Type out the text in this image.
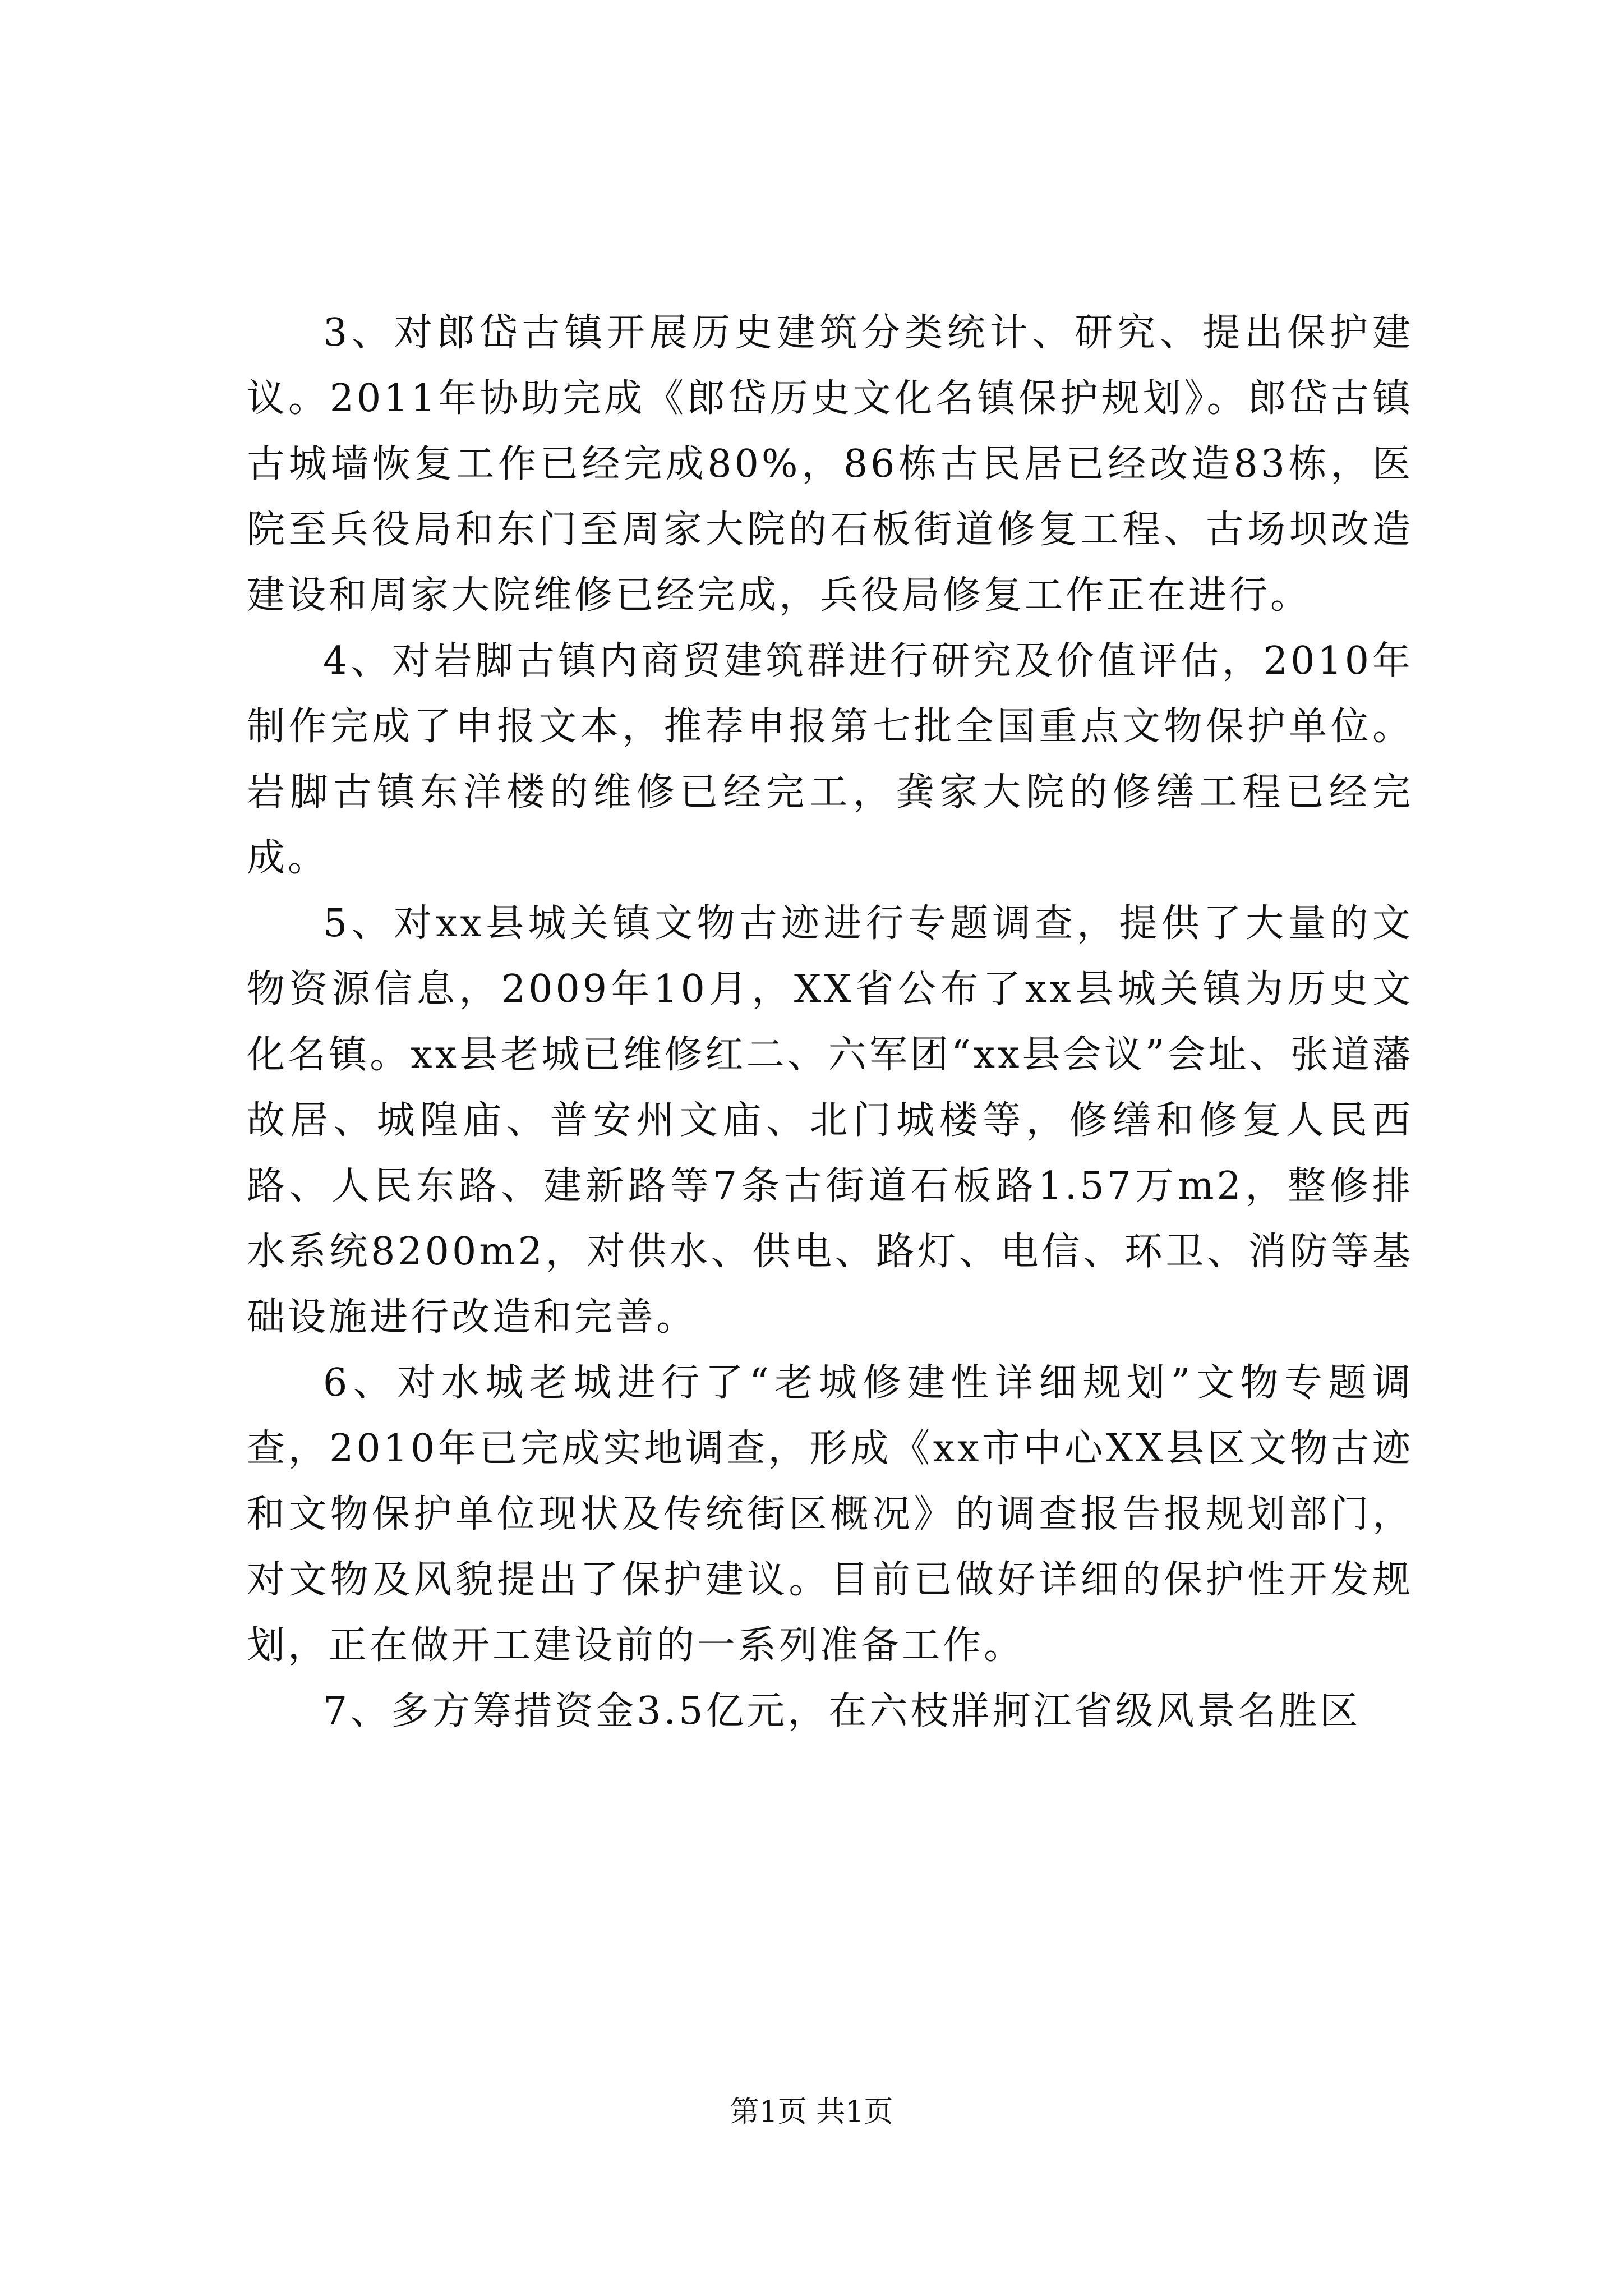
3、对郎岱古镇开展历史建筑分类统计、研究、提出保护建议。2011年协助完成《郎岱历史文化名镇保护规划》。郎岱古镇古城墙恢复工作已经完成80%，86栋古民居已经改造83栋，医院至兵役局和东门至周家大院的石板街道修复工程、古场坝改造建设和周家大院维修已经完成，兵役局修复工作正在进行。

4、对岩脚古镇内商贸建筑群进行研究及价值评估，2010年制作完成了申报文本，推荐申报第七批全国重点文物保护单位。岩脚古镇东洋楼的维修已经完工，龚家大院的修缮工程已经完成。

5、对xx县城关镇文物古迹进行专题调查，提供了大量的文物资源信息，2009年10月，XX省公布了xx县城关镇为历史文化名镇。xx县老城已维修红二、六军团“xx县会议”会址、张道藩故居、城隍庙、普安州文庙、北门城楼等，修缮和修复人民西路、人民东路、建新路等7条古街道石板路1.57万m2，整修排水系统8200m2，对供水、供电、路灯、电信、环卫、消防等基础设施进行改造和完善。

6、对水城老城进行了“老城修建性详细规划”文物专题调查，2010年已完成实地调查，形成《xx市中心XX县区文物古迹和文物保护单位现状及传统街区概况》的调查报告报规划部门，对文物及风貌提出了保护建议。目前已做好详细的保护性开发规划，正在做开工建设前的一系列准备工作。

7、多方筹措资金3.5亿元，在六枝牂牁江省级风景名胜区

第1页 共1页
